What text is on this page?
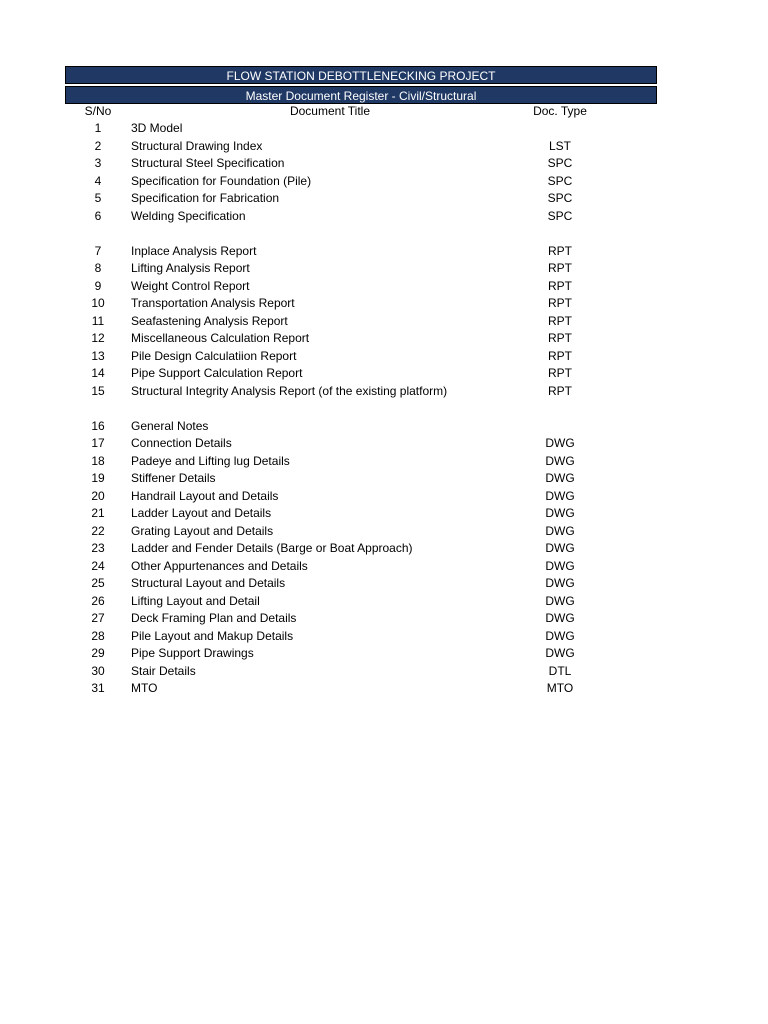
FLOW STATION DEBOTTLENECKING PROJECT
Master Document Register - Civil/Structural
S/No	Document Title	Doc. Type
1	3D Model
2	Structural Drawing Index	LST
3	Structural Steel Specification	SPC
4	Specification for Foundation (Pile)	SPC
5	Specification for Fabrication	SPC
6	Welding Specification	SPC
7	Inplace Analysis Report	RPT
8	Lifting Analysis Report	RPT
9	Weight Control Report	RPT
10	Transportation Analysis Report	RPT
11	Seafastening Analysis Report	RPT
12	Miscellaneous Calculation Report	RPT
13	Pile Design Calculatiion Report	RPT
14	Pipe Support Calculation Report	RPT
15	Structural Integrity Analysis Report (of the existing platform)	RPT
16	General Notes
17	Connection Details	DWG
18	Padeye and Lifting lug Details	DWG
19	Stiffener Details	DWG
20	Handrail Layout and Details	DWG
21	Ladder Layout and Details	DWG
22	Grating Layout and Details	DWG
23	Ladder and Fender Details (Barge or Boat Approach)	DWG
24	Other Appurtenances and Details	DWG
25	Structural Layout and Details	DWG
26	Lifting Layout and Detail	DWG
27	Deck Framing Plan and Details	DWG
28	Pile Layout and Makup Details	DWG
29	Pipe Support Drawings	DWG
30	Stair Details	DTL
31	MTO	MTO
